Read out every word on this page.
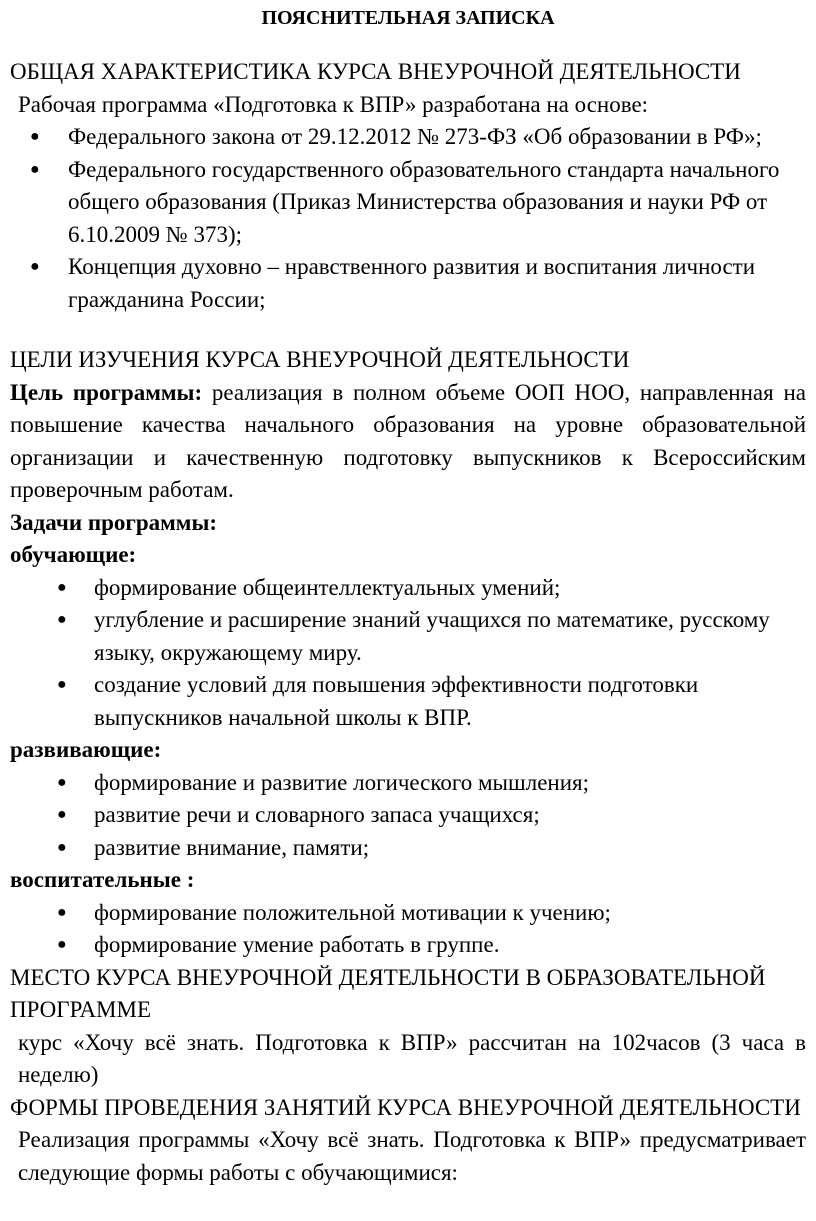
ПОЯСНИТЕЛЬНАЯ ЗАПИСКА

ОБЩАЯ ХАРАКТЕРИСТИКА КУРСА ВНЕУРОЧНОЙ ДЕЯТЕЛЬНОСТИ

Рабочая программа «Подготовка к ВПР» разработана на основе:

● Федерального закона от 29.12.2012 № 273-ФЗ «Об образовании в РФ»;
● Федерального государственного образовательного стандарта начального общего образования (Приказ Министерства образования и науки РФ от 6.10.2009 № 373);
● Концепция духовно – нравственного развития и воспитания личности гражданина России;

ЦЕЛИ ИЗУЧЕНИЯ КУРСА ВНЕУРОЧНОЙ ДЕЯТЕЛЬНОСТИ

Цель программы: реализация в полном объеме ООП НОО, направленная на повышение качества начального образования на уровне образовательной организации и качественную подготовку выпускников к Всероссийским проверочным работам.

Задачи программы:

обучающие:

● формирование общеинтеллектуальных умений;
● углубление и расширение знаний учащихся по математике, русскому языку, окружающему миру.
● создание условий для повышения эффективности подготовки выпускников начальной школы к ВПР.

развивающие:

● формирование и развитие логического мышления;
● развитие речи и словарного запаса учащихся;
● развитие внимание, памяти;

воспитательные :

● формирование положительной мотивации к учению;
● формирование умение работать в группе.

МЕСТО КУРСА ВНЕУРОЧНОЙ ДЕЯТЕЛЬНОСТИ В ОБРАЗОВАТЕЛЬНОЙ ПРОГРАММЕ

курс «Хочу всё знать. Подготовка к ВПР» рассчитан на 102часов (3 часа в неделю)

ФОРМЫ ПРОВЕДЕНИЯ ЗАНЯТИЙ КУРСА ВНЕУРОЧНОЙ ДЕЯТЕЛЬНОСТИ

Реализация программы «Хочу всё знать. Подготовка к ВПР» предусматривает следующие формы работы с обучающимися:
